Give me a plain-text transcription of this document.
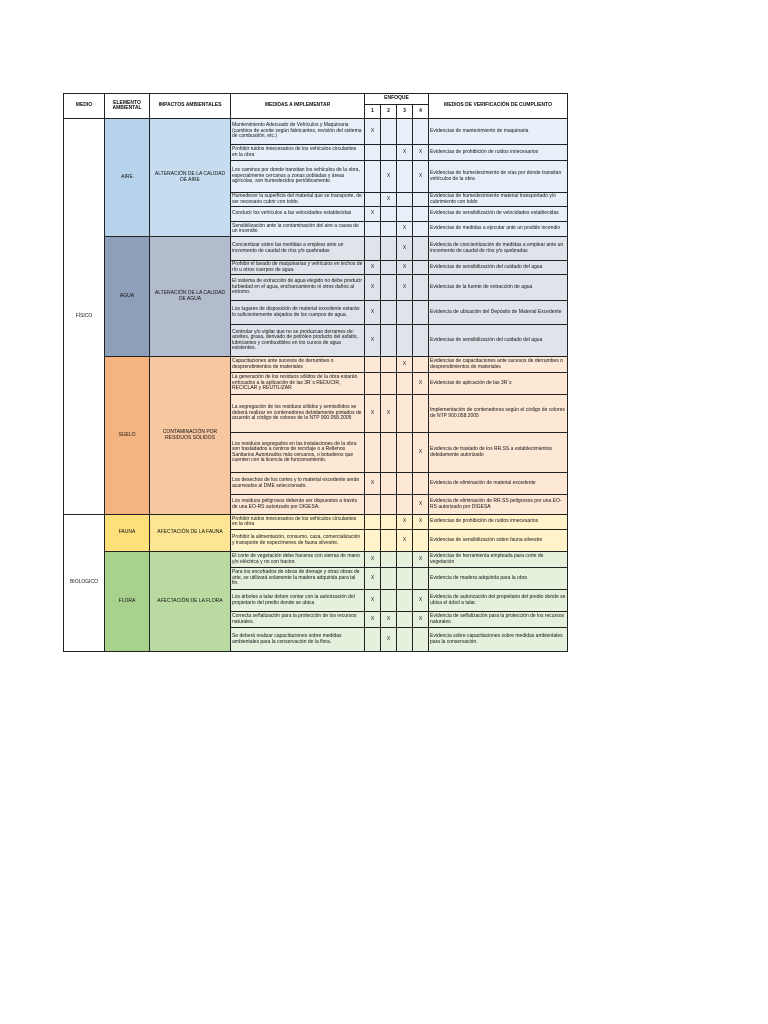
MEDIO	ELEMENTO AMBIENTAL	IMPACTOS AMBIENTALES	MEDIDAS A IMPLEMENTAR	ENFOQUE				MEDIOS DE VERIFICACIÓN DE CUMPLIENTO
				1	2	3	4	
FÍSICO	AIRE	ALTERACIÓN DE LA CALIDAD DE AIRE	Mantenimiento Adecuado de Vehículos y Maquinaria (cambios de aceite según fabricantes, revisión del sistema de combustión, etc.)	X				Evidencias de mantenimiento de maquinaria
			Prohibir ruidos innecesarios de los vehículos circulantes en la obra			X	X	Evidencias de prohibición de ruidos innecesarios
			Los caminos por donde transitan los vehículos de la obra, especialmente cercanos a zonas pobladas y áreas agrícolas, son humedecidos periódicamente.		X		X	Evidencias de humedecimiento de vías por donde transitan vehículos de la obra
			Humedecer la superficie del material que se transporte, de ser necesario cubrir con toldo.		X			Evidencias de humedecimiento material transportado y/o cubrimiento con toldo
			Conducir los vehículos a las velocidades establecidas	X				Evidencias de sensibilización de velocidades establecidas
			Sensibilización ante la contaminación del aire a causa de un incendio			X		Evidencias de medidas a ejecutar ante un posible incendio
	AGUA	ALTERACIÓN DE LA CALIDAD DE AGUA	Concientizar sobre las medidas a emplear ante un incremento de caudal de ríos y/o quebradas			X		Evidencia de concientización de medidas a emplear ante un incremento de caudal de ríos y/o quebradas
			Prohibir el lavado de maquinarias y vehículos en lechos de río u otros cuerpos de agua.	X		X		Evidencias de sensibilización del cuidado del agua
			El sistema de extracción de agua elegido no debe producir turbiedad en el agua, encharcamiento ni otros daños al entorno.	X		X		Evidencias de la fuente de extracción de agua
			Los lugares de disposición de material excedente estarán lo suficientemente alejados de los cuerpos de agua.	X				Evidencia de ubicación del Depósito de Material Excedente
			Controlar y/o vigilar que no se produzcan derrames de: aceites, grasa, derivado de petróleo producto del asfalto, lubricantes y combustibles en los cursos de agua existentes.	X				Evidencias de sensibilización del cuidado del agua
	SUELO	CONTAMINACIÓN POR RESIDUOS SÓLIDOS	Capacitaciones ante sucesos de derrumbes o desprendimientos de materiales			X		Evidencias de capacitaciones ante sucesos de derrumbes o desprendimientos de materiales
			La generación de los residuos sólidos de la obra estarán enfocados a la aplicación de las 3R´s REDUCIR, RECICLAR y REUTILIZAR				X	Evidencias de aplicación de las 3R´s
			La segregación de los residuos sólidos y semisólidos se deberá realizar en contenedores debidamente pintados de acuerdo al código de colores de la NTP 900.058.2005	X	X			Implementación de contenedores según el código de colores de NTP 900.058.2005
			Los residuos segregados en las instalaciones de la obra son trasladados a centros de reciclaje o a Rellenos Sanitarios Autorizados más cercanos, o botaderos que cuenten con la licencia de funcionamiento.				X	Evidencia de traslado de los RR.SS a establecimientos debidamente autorizado
			Los desechos de los cortes y lo material excedente serán acarreados al DME seleccionado.	X				Evidencia de eliminación de material excedente
			Los residuos peligrosos deberán ser dispuestos a través de una EO-RS autorizado por DIGESA.				X	Evidencia de eliminación de RR.SS peligrosos por una EO-RS autorizado por DIGESA
BIOLOGICO	FAUNA	AFECTACIÓN DE LA FAUNA	Prohibir ruidos innecesarios de los vehículos circulantes en la obra			X	X	Evidencias de prohibición de ruidos innecesarios
			Prohibir la alimentación, consumo, caza, comercialización y transporte de especímenes de fauna silvestre.			X		Evidencias de sensibilización sobre fauna silvestre
	FLORA	AFECTACIÓN DE LA FLORA	El corte de vegetación debe hacerse con sierras de mano y/o eléctrica y no con tractor.	X			X	Evidencias de herramienta empleada para corte de vegetación
			Para los encofrados de obras de drenaje y otras obras de arte, se utilizará solamente la madera adquirida para tal fin.	X				Evidencia de madera adquirida para la obra
			Los árboles a talar deben contar con la autorización del propietario del predio donde se ubica	X			X	Evidencia de autorización del propietario del predio donde se ubica el árbol a talar.
			Correcta señalización para la protección de los recursos naturales.	X	X		X	Evidencia de señalización para la protección de los recursos naturales
			Se deberá realizar capacitaciones sobre medidas ambientales para la conservación de la flora.		X			Evidencia sobre capacitaciones sobre medidas ambientales para la conservación.
